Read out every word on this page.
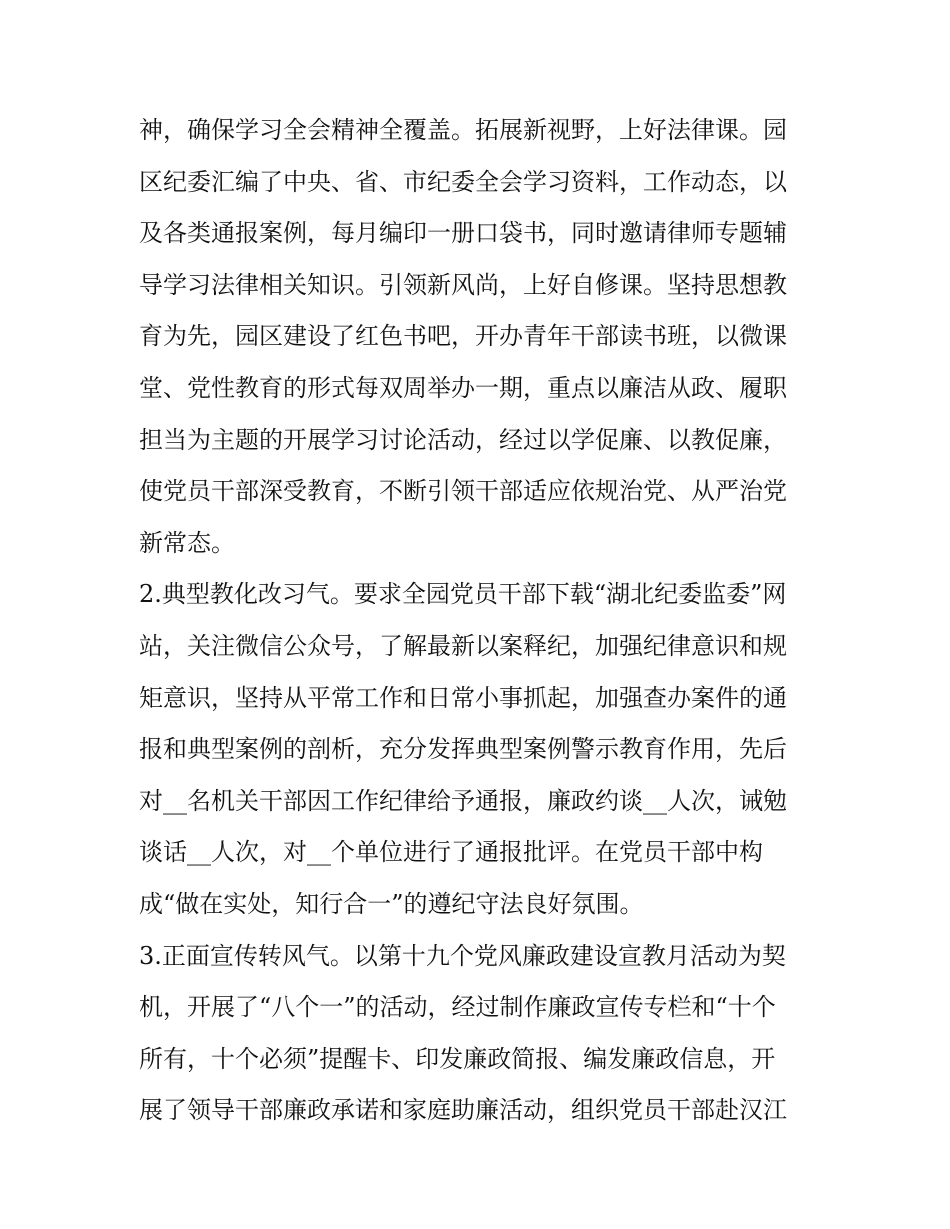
神，确保学习全会精神全覆盖。拓展新视野，上好法律课。园
区纪委汇编了中央、省、市纪委全会学习资料，工作动态，以
及各类通报案例，每月编印一册口袋书，同时邀请律师专题辅
导学习法律相关知识。引领新风尚，上好自修课。坚持思想教
育为先，园区建设了红色书吧，开办青年干部读书班，以微课
堂、党性教育的形式每双周举办一期，重点以廉洁从政、履职
担当为主题的开展学习讨论活动，经过以学促廉、以教促廉，
使党员干部深受教育，不断引领干部适应依规治党、从严治党
新常态。
2.典型教化改习气。要求全园党员干部下载“湖北纪委监委”网
站，关注微信公众号，了解最新以案释纪，加强纪律意识和规
矩意识，坚持从平常工作和日常小事抓起，加强查办案件的通
报和典型案例的剖析，充分发挥典型案例警示教育作用，先后
对__名机关干部因工作纪律给予通报，廉政约谈__人次，诫勉
谈话__人次，对__个单位进行了通报批评。在党员干部中构
成“做在实处，知行合一”的遵纪守法良好氛围。
3.正面宣传转风气。以第十九个党风廉政建设宣教月活动为契
机，开展了“八个一”的活动，经过制作廉政宣传专栏和“十个
所有，十个必须”提醒卡、印发廉政简报、编发廉政信息，开
展了领导干部廉政承诺和家庭助廉活动，组织党员干部赴汉江
